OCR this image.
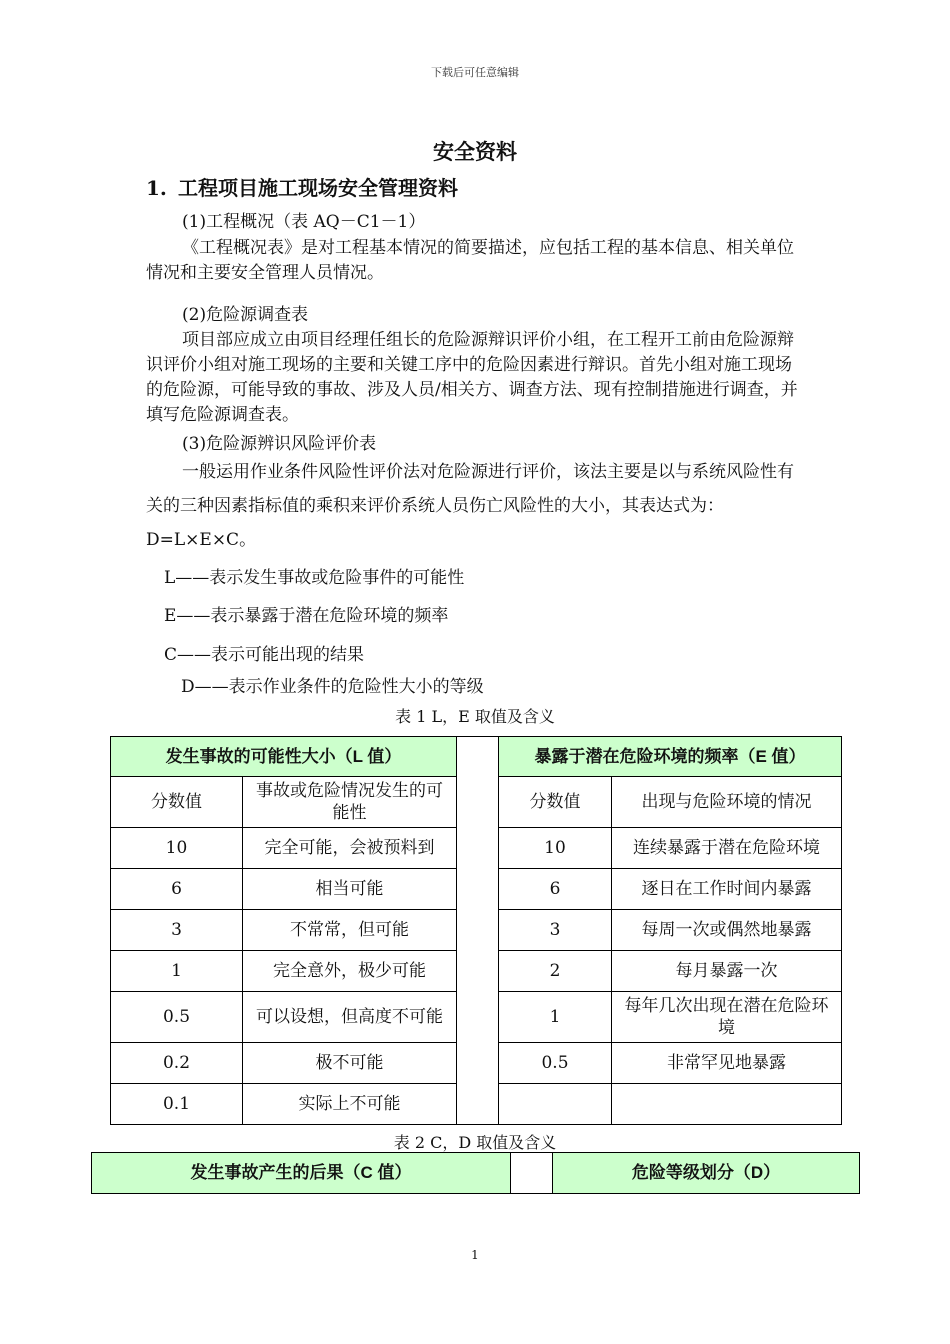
下载后可任意编辑
安全资料
1. 工程项目施工现场安全管理资料
(1)工程概况（表 AQ－C1－1）
《工程概况表》是对工程基本情况的简要描述，应包括工程的基本信息、相关单位情况和主要安全管理人员情况。
(2)危险源调查表
项目部应成立由项目经理任组长的危险源辩识评价小组，在工程开工前由危险源辩识评价小组对施工现场的主要和关键工序中的危险因素进行辩识。首先小组对施工现场的危险源，可能导致的事故、涉及人员/相关方、调查方法、现有控制措施进行调查，并填写危险源调查表。
(3)危险源辨识风险评价表
一般运用作业条件风险性评价法对危险源进行评价，该法主要是以与系统风险性有关的三种因素指标值的乘积来评价系统人员伤亡风险性的大小，其表达式为：D=L×E×C。
L——表示发生事故或危险事件的可能性
E——表示暴露于潜在危险环境的频率
C——表示可能出现的结果
D——表示作业条件的危险性大小的等级
表 1 L，E 取值及含义
发生事故的可能性大小（L 值）			暴露于潜在危险环境的频率（E 值）	
分数值	事故或危险情况发生的可能性		分数值	出现与危险环境的情况
10	完全可能，会被预料到		10	连续暴露于潜在危险环境
6	相当可能		6	逐日在工作时间内暴露
3	不常常，但可能		3	每周一次或偶然地暴露
1	完全意外，极少可能		2	每月暴露一次
0.5	可以设想，但高度不可能		1	每年几次出现在潜在危险环境
0.2	极不可能		0.5	非常罕见地暴露
0.1	实际上不可能			
表 2 C，D 取值及含义
发生事故产生的后果（C 值）		危险等级划分（D）
1
